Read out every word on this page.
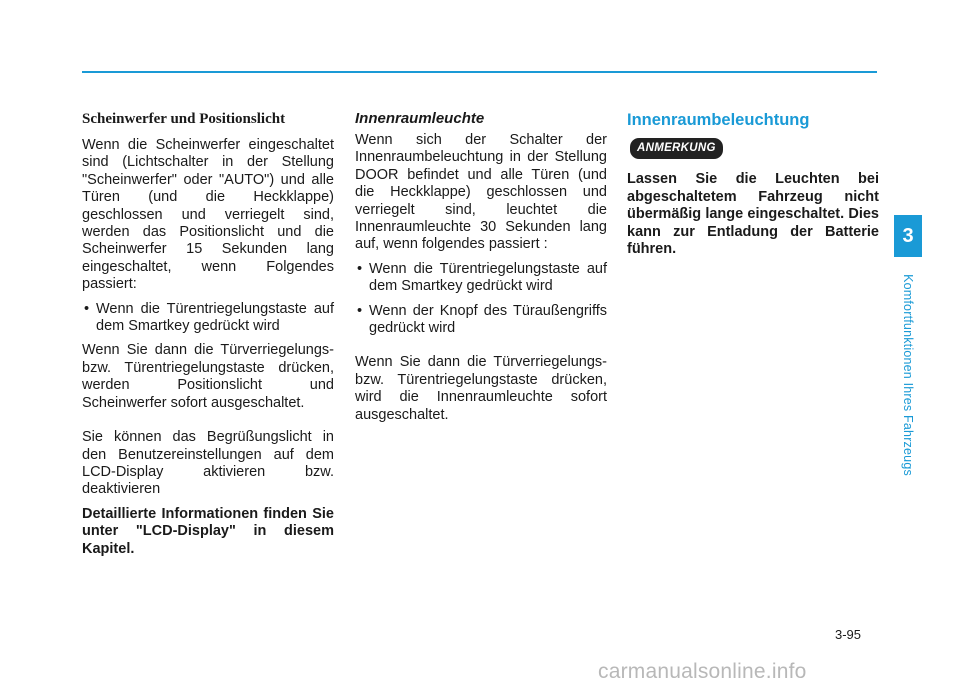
Scheinwerfer und Positionslicht

Wenn die Scheinwerfer eingeschaltet sind (Lichtschalter in der Stellung "Scheinwerfer" oder "AUTO") und alle Türen (und die Heckklappe) geschlossen und verriegelt sind, werden das Positionslicht und die Scheinwerfer 15 Sekunden lang eingeschaltet, wenn Folgendes passiert:

• Wenn die Türentriegelungstaste auf dem Smartkey gedrückt wird

Wenn Sie dann die Türverriegelungs- bzw. Türentriegelungstaste drücken, werden Positionslicht und Scheinwerfer sofort ausgeschaltet.

Sie können das Begrüßungslicht in den Benutzereinstellungen auf dem LCD-Display aktivieren bzw. deaktivieren

Detaillierte Informationen finden Sie unter "LCD-Display" in diesem Kapitel.

Innenraumleuchte

Wenn sich der Schalter der Innenraumbeleuchtung in der Stellung DOOR befindet und alle Türen (und die Heckklappe) geschlossen und verriegelt sind, leuchtet die Innenraumleuchte 30 Sekunden lang auf, wenn folgendes passiert :

• Wenn die Türentriegelungstaste auf dem Smartkey gedrückt wird

• Wenn der Knopf des Türaußengriffs gedrückt wird

Wenn Sie dann die Türverriegelungs- bzw. Türentriegelungstaste drücken, wird die Innenraumleuchte sofort ausgeschaltet.

Innenraumbeleuchtung

ANMERKUNG

Lassen Sie die Leuchten bei abgeschaltetem Fahrzeug nicht übermäßig lange eingeschaltet. Dies kann zur Entladung der Batterie führen.

3
Komfortfunktionen Ihres Fahrzeugs
3-95
carmanualsonline.info
